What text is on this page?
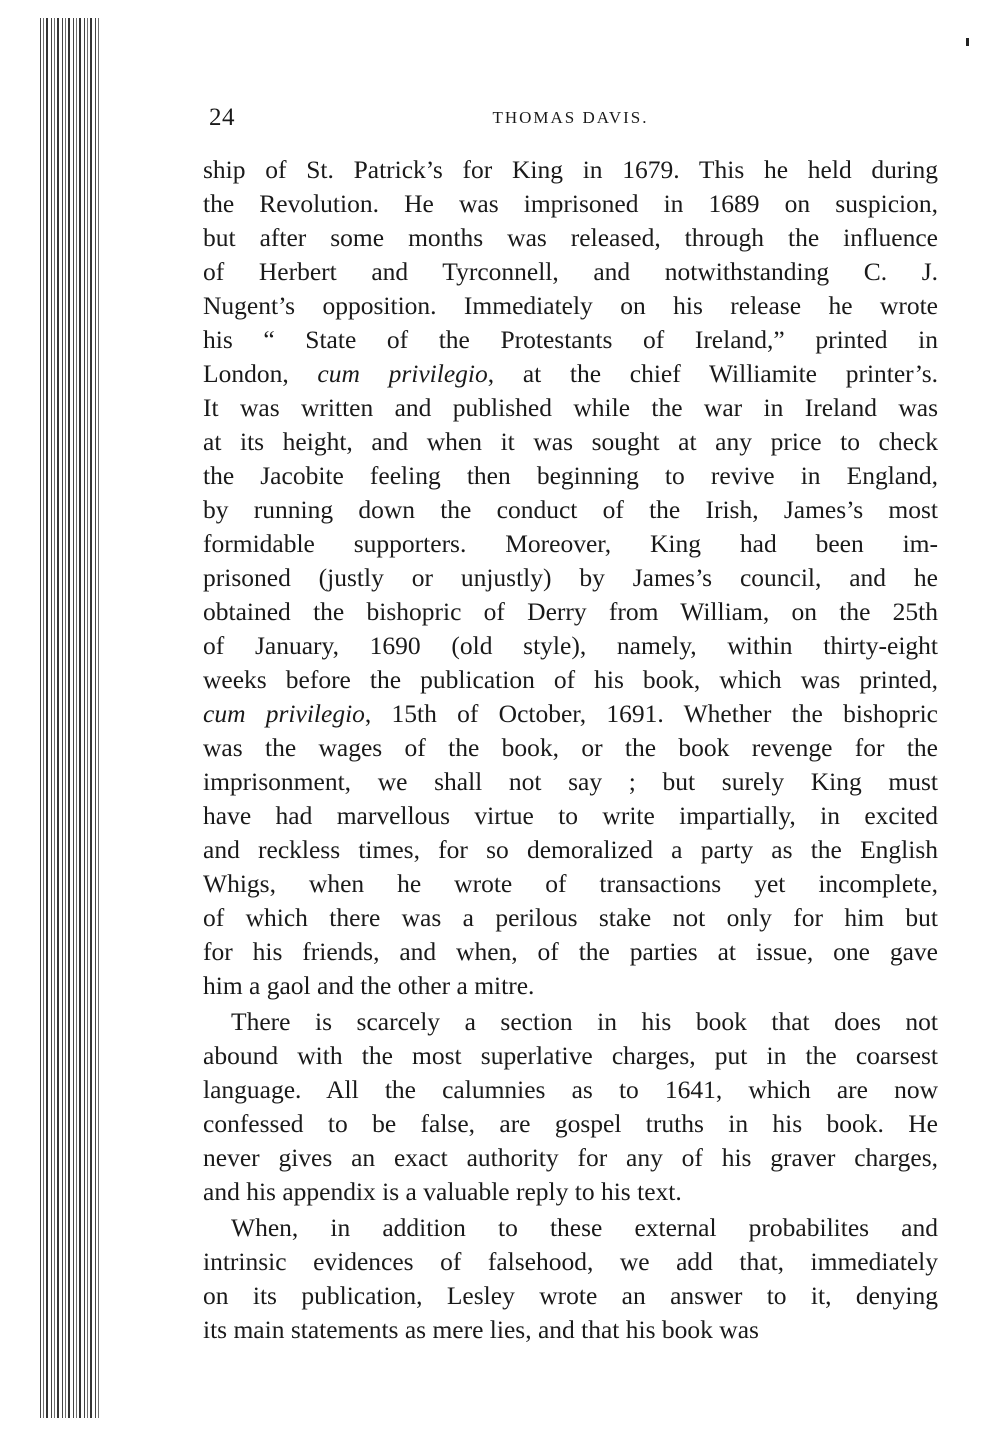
24	THOMAS DAVIS.
ship of St. Patrick’s for King in 1679. This he held during
the Revolution. He was imprisoned in 1689 on suspicion,
but after some months was released, through the influence
of Herbert and Tyrconnell, and notwithstanding C. J.
Nugent’s opposition. Immediately on his release he wrote
his “ State of the Protestants of Ireland,” printed in
London, cum privilegio, at the chief Williamite printer’s.
It was written and published while the war in Ireland was
at its height, and when it was sought at any price to check
the Jacobite feeling then beginning to revive in England,
by running down the conduct of the Irish, James’s most
formidable supporters. Moreover, King had been im-
prisoned (justly or unjustly) by James’s council, and he
obtained the bishopric of Derry from William, on the 25th
of January, 1690 (old style), namely, within thirty-eight
weeks before the publication of his book, which was printed,
cum privilegio, 15th of October, 1691. Whether the bishopric
was the wages of the book, or the book revenge for the
imprisonment, we shall not say ; but surely King must
have had marvellous virtue to write impartially, in excited
and reckless times, for so demoralized a party as the English
Whigs, when he wrote of transactions yet incomplete,
of which there was a perilous stake not only for him but
for his friends, and when, of the parties at issue, one gave
him a gaol and the other a mitre.
There is scarcely a section in his book that does not
abound with the most superlative charges, put in the coarsest
language. All the calumnies as to 1641, which are now
confessed to be false, are gospel truths in his book. He
never gives an exact authority for any of his graver charges,
and his appendix is a valuable reply to his text.
When, in addition to these external probabilites and
intrinsic evidences of falsehood, we add that, immediately
on its publication, Lesley wrote an answer to it, denying
its main statements as mere lies, and that his book was
